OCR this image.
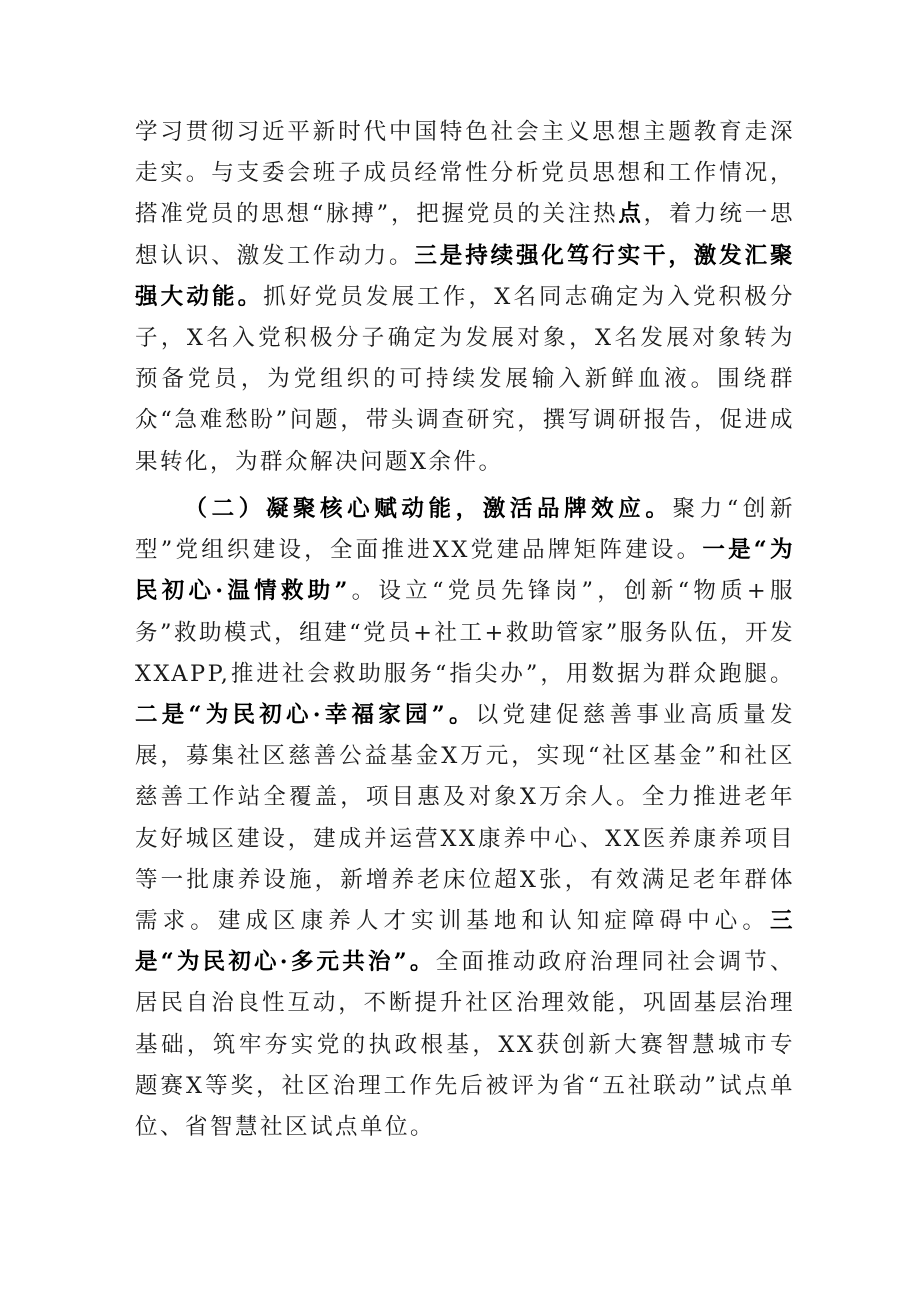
学习贯彻习近平新时代中国特色社会主义思想主题教育走深走实。与支委会班子成员经常性分析党员思想和工作情况，搭准党员的思想“脉搏”，把握党员的关注热点，着力统一思想认识、激发工作动力。三是持续强化笃行实干，激发汇聚强大动能。抓好党员发展工作，X名同志确定为入党积极分子，X名入党积极分子确定为发展对象，X名发展对象转为预备党员，为党组织的可持续发展输入新鲜血液。围绕群众“急难愁盼”问题，带头调查研究，撰写调研报告，促进成果转化，为群众解决问题X余件。

（二）凝聚核心赋动能，激活品牌效应。聚力“创新型”党组织建设，全面推进XX党建品牌矩阵建设。一是“为民初心·温情救助”。设立“党员先锋岗”，创新“物质+服务”救助模式，组建“党员+社工+救助管家”服务队伍，开发XXAPP,推进社会救助服务“指尖办”，用数据为群众跑腿。二是“为民初心·幸福家园”。以党建促慈善事业高质量发展，募集社区慈善公益基金X万元，实现“社区基金”和社区慈善工作站全覆盖，项目惠及对象X万余人。全力推进老年友好城区建设，建成并运营XX康养中心、XX医养康养项目等一批康养设施，新增养老床位超X张，有效满足老年群体需求。建成区康养人才实训基地和认知症障碍中心。三是“为民初心·多元共治”。全面推动政府治理同社会调节、居民自治良性互动，不断提升社区治理效能，巩固基层治理基础，筑牢夯实党的执政根基，XX获创新大赛智慧城市专题赛X等奖，社区治理工作先后被评为省“五社联动”试点单位、省智慧社区试点单位。
